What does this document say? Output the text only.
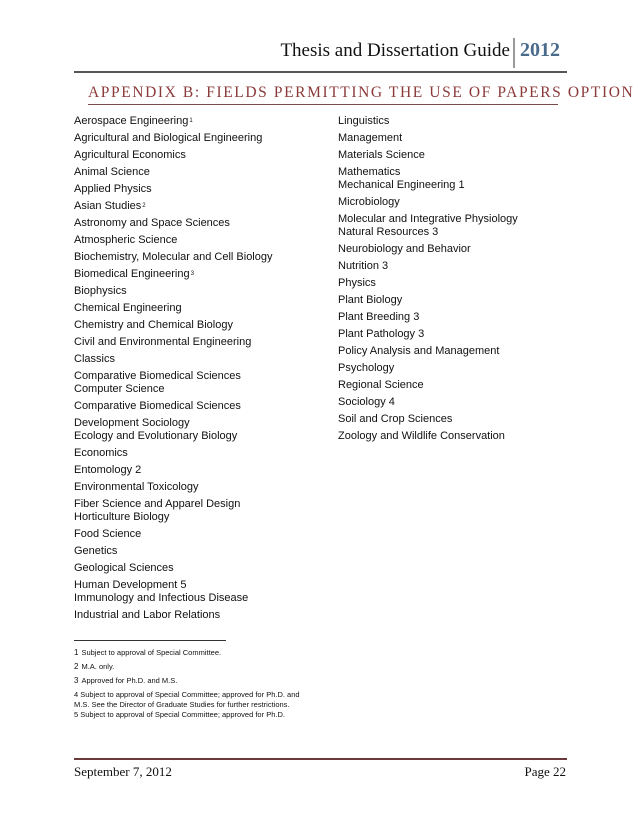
Thesis and Dissertation Guide 2012
APPENDIX B: FIELDS PERMITTING THE USE OF PAPERS OPTION
Aerospace Engineering$^1$
Agricultural and Biological Engineering
Agricultural Economics
Animal Science
Applied Physics
Asian Studies$^2$
Astronomy and Space Sciences
Atmospheric Science
Biochemistry, Molecular and Cell Biology
Biomedical Engineering$^3$
Biophysics
Chemical Engineering
Chemistry and Chemical Biology
Civil and Environmental Engineering
Classics
Comparative Biomedical Sciences
Computer Science
Comparative Biomedical Sciences
Development Sociology
Ecology and Evolutionary Biology
Economics
Entomology 2
Environmental Toxicology
Fiber Science and Apparel Design
Horticulture Biology
Food Science
Genetics
Geological Sciences
Human Development 5
Immunology and Infectious Disease
Industrial and Labor Relations
Linguistics
Management
Materials Science
Mathematics
Mechanical Engineering 1
Microbiology
Molecular and Integrative Physiology
Natural Resources 3
Neurobiology and Behavior
Nutrition 3
Physics
Plant Biology
Plant Breeding 3
Plant Pathology 3
Policy Analysis and Management
Psychology
Regional Science
Sociology 4
Soil and Crop Sciences
Zoology and Wildlife Conservation
$^1$ Subject to approval of Special Committee.
$^2$ M.A. only.
$^3$ Approved for Ph.D. and M.S.
4 Subject to approval of Special Committee; approved for Ph.D. and M.S. See the Director of Graduate Studies for further restrictions.
5 Subject to approval of Special Committee; approved for Ph.D.
September 7, 2012	Page 22
